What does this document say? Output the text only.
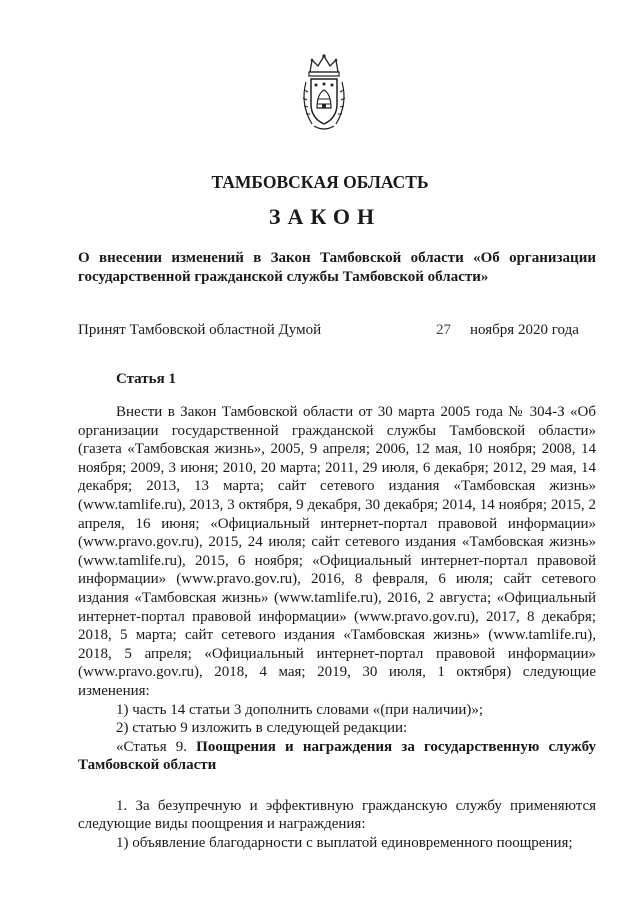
ТАМБОВСКАЯ ОБЛАСТЬ
ЗАКОН
О внесении изменений в Закон Тамбовской области «Об организации государственной гражданской службы Тамбовской области»
Принят Тамбовской областной Думой	27 ноября 2020 года
Статья 1

Внести в Закон Тамбовской области от 30 марта 2005 года № 304-З «Об организации государственной гражданской службы Тамбовской области» (газета «Тамбовская жизнь», 2005, 9 апреля; 2006, 12 мая, 10 ноября; 2008, 14 ноября; 2009, 3 июня; 2010, 20 марта; 2011, 29 июля, 6 декабря; 2012, 29 мая, 14 декабря; 2013, 13 марта; сайт сетевого издания «Тамбовская жизнь» (www.tamlife.ru), 2013, 3 октября, 9 декабря, 30 декабря; 2014, 14 ноября; 2015, 2 апреля, 16 июня; «Официальный интернет-портал правовой информации» (www.pravo.gov.ru), 2015, 24 июля; сайт сетевого издания «Тамбовская жизнь» (www.tamlife.ru), 2015, 6 ноября; «Официальный интернет-портал правовой информации» (www.pravo.gov.ru), 2016, 8 февраля, 6 июля; сайт сетевого издания «Тамбовская жизнь» (www.tamlife.ru), 2016, 2 августа; «Официальный интернет-портал правовой информации» (www.pravo.gov.ru), 2017, 8 декабря; 2018, 5 марта; сайт сетевого издания «Тамбовская жизнь» (www.tamlife.ru), 2018, 5 апреля; «Официальный интернет-портал правовой информации» (www.pravo.gov.ru), 2018, 4 мая; 2019, 30 июля, 1 октября) следующие изменения:

1) часть 14 статьи 3 дополнить словами «(при наличии)»;

2) статью 9 изложить в следующей редакции:

«Статья 9. Поощрения и награждения за государственную службу Тамбовской области

1. За безупречную и эффективную гражданскую службу применяются следующие виды поощрения и награждения:

1) объявление благодарности с выплатой единовременного поощрения;
